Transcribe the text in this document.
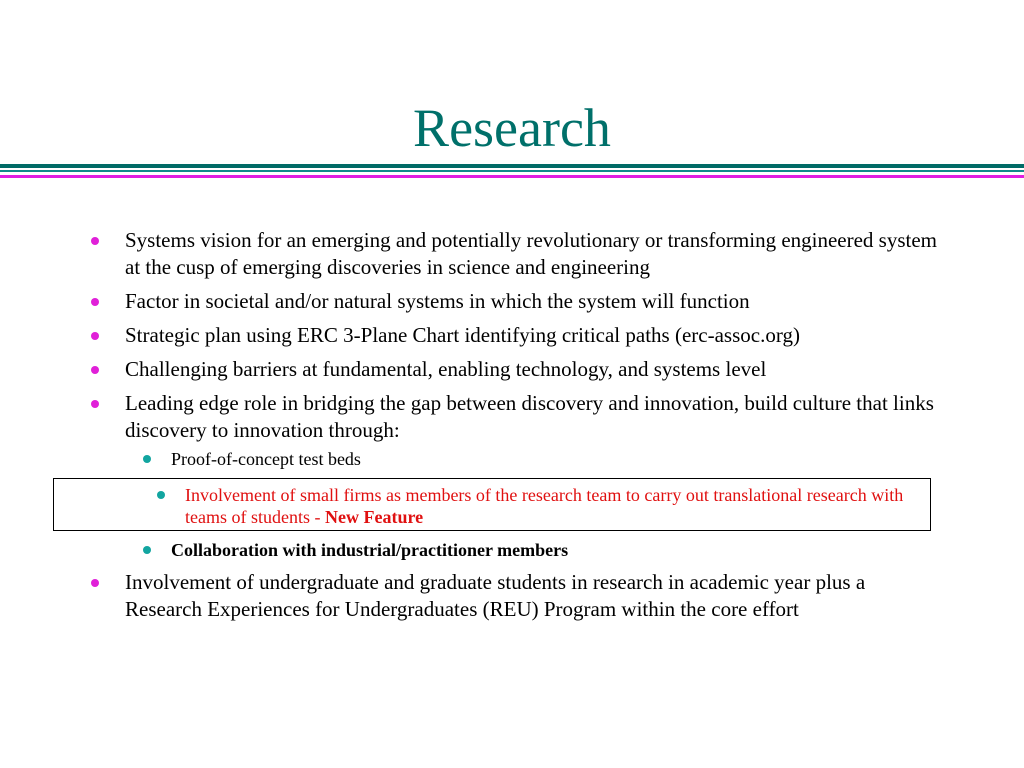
Research
Systems vision for an emerging and potentially revolutionary or transforming engineered system at the cusp of emerging discoveries in science and engineering
Factor in societal and/or natural systems in which the system will function
Strategic plan using ERC 3-Plane Chart identifying critical paths (erc-assoc.org)
Challenging barriers at fundamental, enabling technology, and systems level
Leading edge role in bridging the gap between discovery and innovation, build culture that links discovery to innovation through:
Proof-of-concept test beds
Involvement of small firms as members of the research team to carry out translational research with teams of students - New Feature
Collaboration with industrial/practitioner members
Involvement of undergraduate and graduate students in research in academic year plus a Research Experiences for Undergraduates (REU) Program within the core effort
